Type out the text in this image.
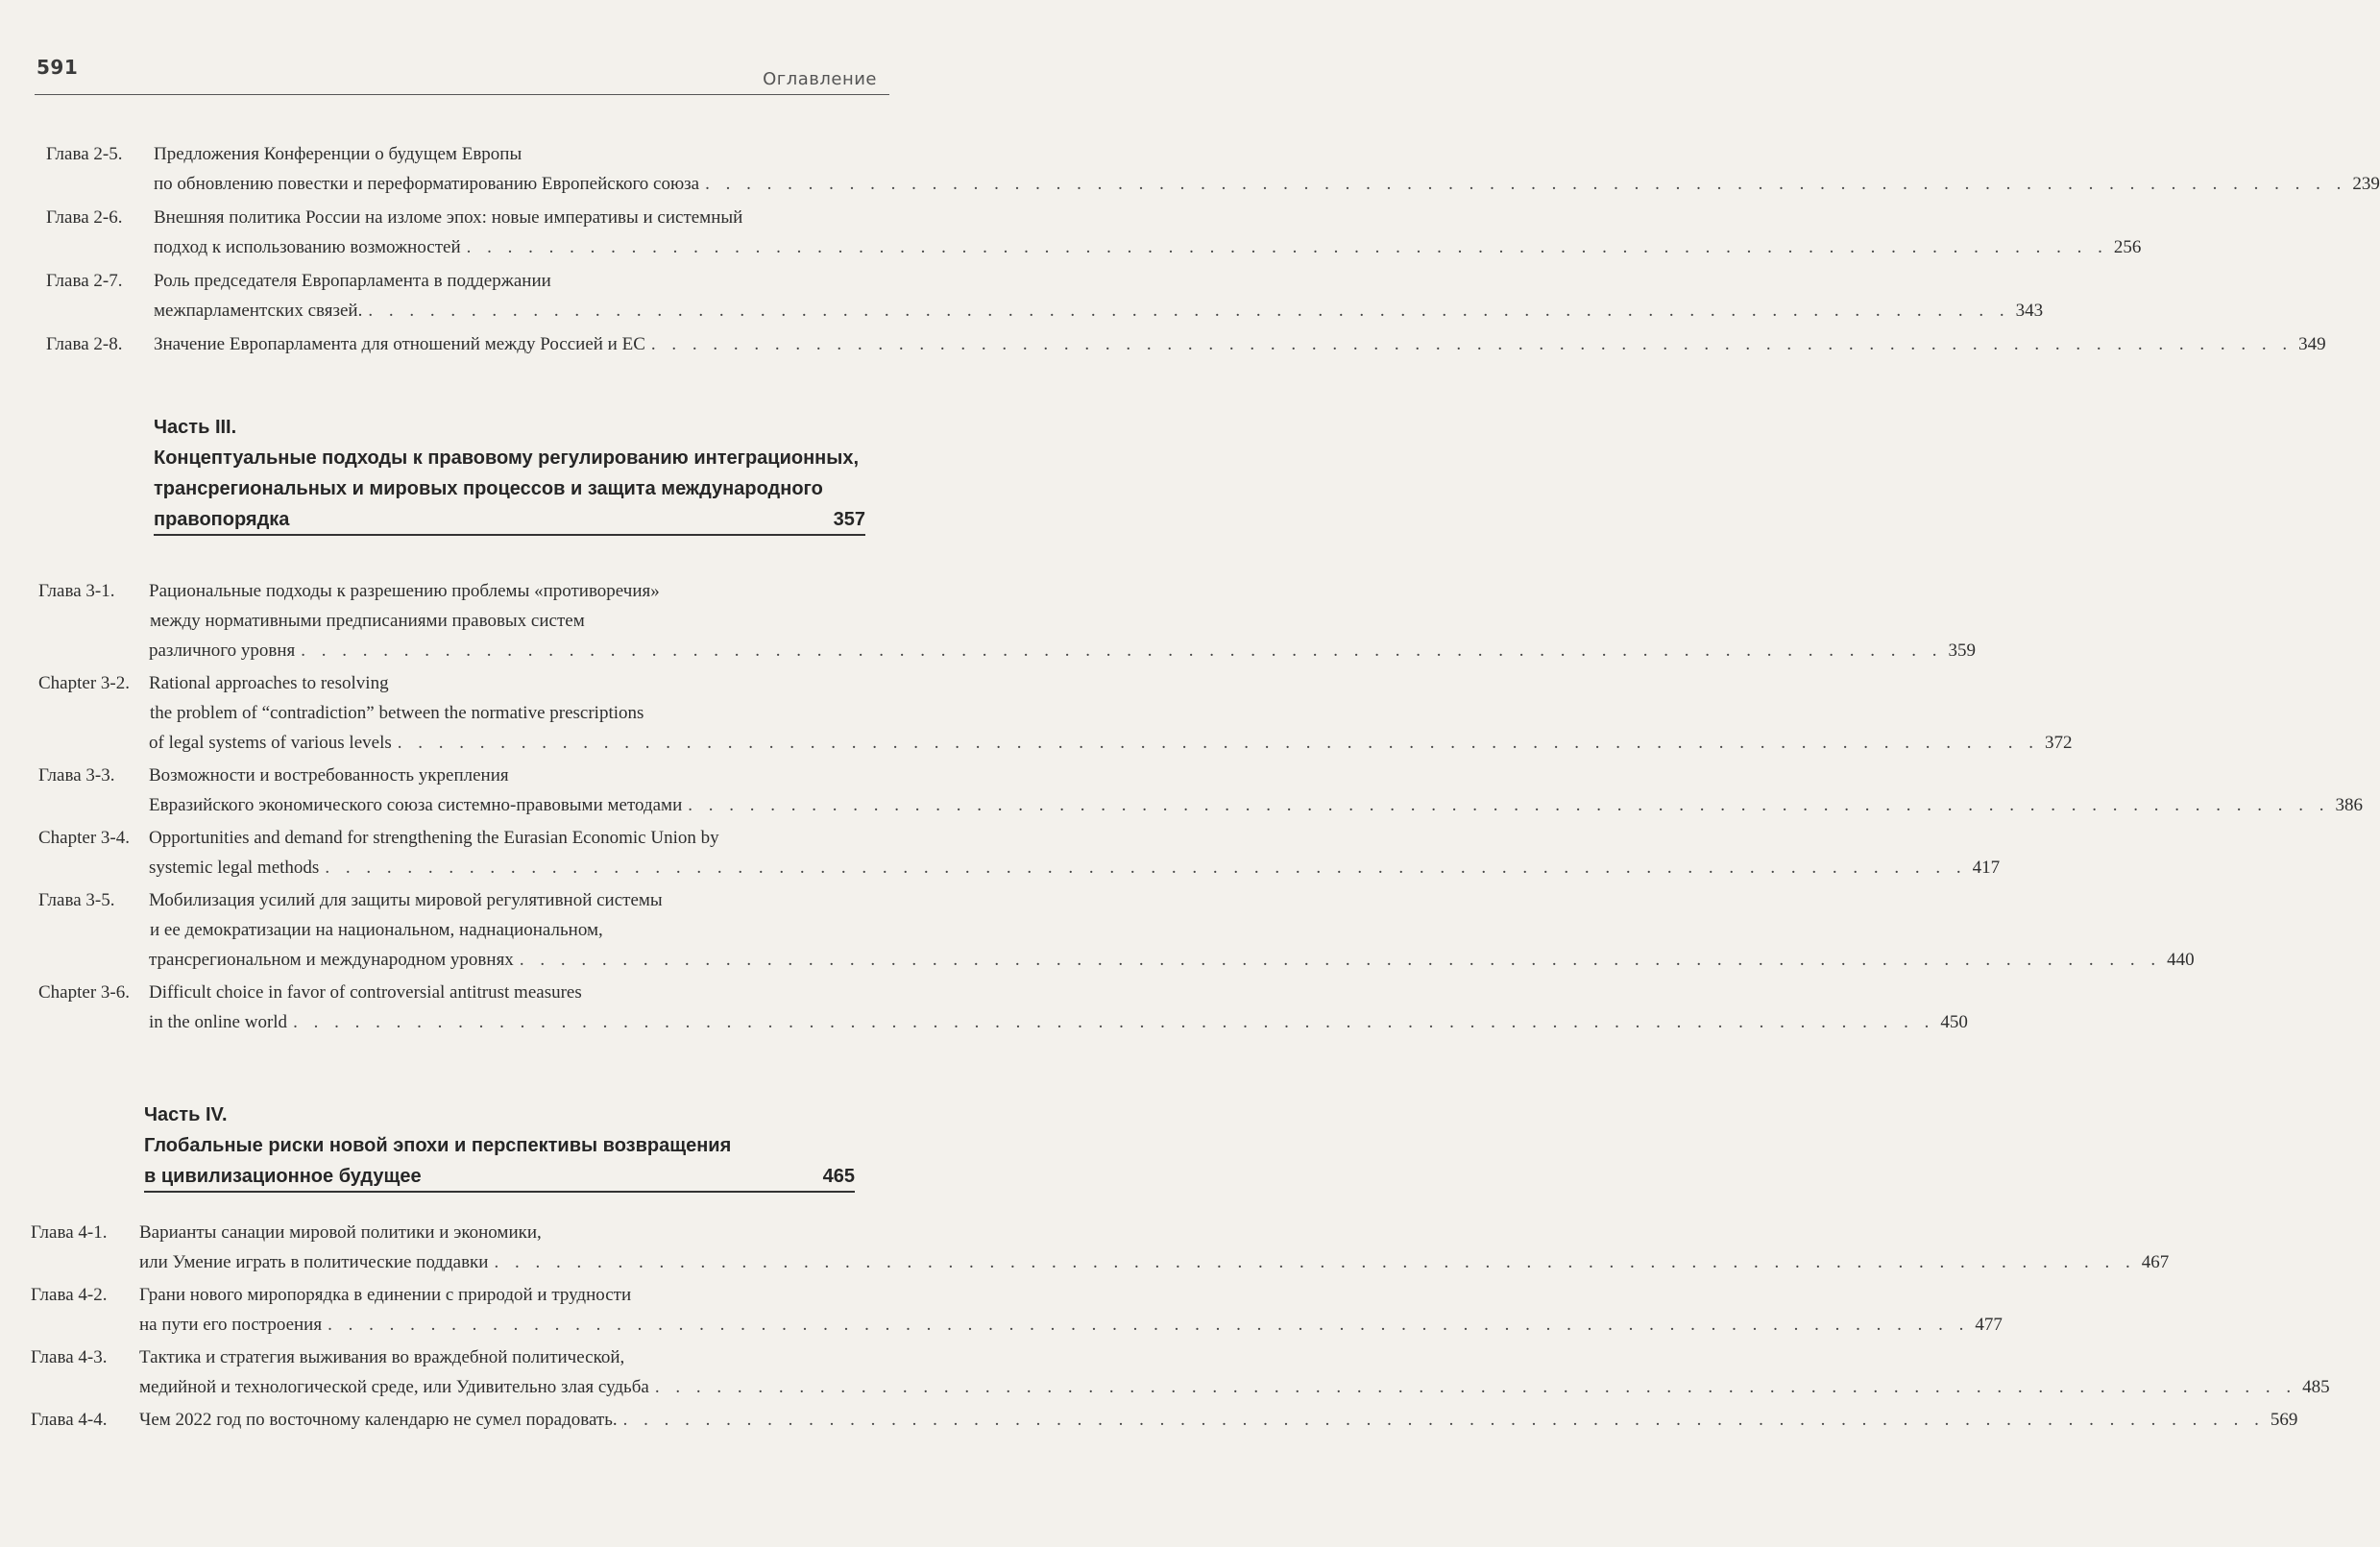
591
Оглавление
Глава 2-5. Предложения Конференции о будущем Европы
по обновлению повестки и переформатированию Европейского союза . . . . . . . . . . . . . . . . . . . . . . . . . . . . . . . . . . . . . . . . . . . . . . . . . . . . . . . . . . . . . . . . . . . . . . . . . . . . . . . . 239
Глава 2-6. Внешняя политика России на изломе эпох: новые императивы и системный
подход к использованию возможностей . . . . . . . . . . . . . . . . . . . . . . . . . . . . . . . . . . . . . . . . . . . . . . . . . . . . . . . . . . . . . . . . . . . . . . . . . . . . . . . . 256
Глава 2-7. Роль председателя Европарламента в поддержании
межпарламентских связей. . . . . . . . . . . . . . . . . . . . . . . . . . . . . . . . . . . . . . . . . . . . . . . . . . . . . . . . . . . . . . . . . . . . . . . . . . . . . . . . . 343
Глава 2-8. Значение Европарламента для отношений между Россией и ЕС . . . . . . . . . . . . . . . . . . . . . . . . . . . . . . . . . . . . . . . . . . . . . . . . . . . . . . . . . . . . . . . . . . . . . . . . . . . . . . . . 349
Часть III.
Концептуальные подходы к правовому регулированию интеграционных,
трансрегиональных и мировых процессов и защита международного
правопорядка	357
Глава 3-1. Рациональные подходы к разрешению проблемы «противоречия»
между нормативными предписаниями правовых систем
различного уровня . . . . . . . . . . . . . . . . . . . . . . . . . . . . . . . . . . . . . . . . . . . . . . . . . . . . . . . . . . . . . . . . . . . . . . . . . . . . . . . . 359
Chapter 3-2. Rational approaches to resolving
the problem of “contradiction” between the normative prescriptions
of legal systems of various levels . . . . . . . . . . . . . . . . . . . . . . . . . . . . . . . . . . . . . . . . . . . . . . . . . . . . . . . . . . . . . . . . . . . . . . . . . . . . . . . . 372
Глава 3-3. Возможности и востребованность укрепления
Евразийского экономического союза системно-правовыми методами . . . . . . . . . . . . . . . . . . . . . . . . . . . . . . . . . . . . . . . . . . . . . . . . . . . . . . . . . . . . . . . . . . . . . . . . . . . . . . . . 386
Chapter 3-4. Opportunities and demand for strengthening the Eurasian Economic Union by
systemic legal methods . . . . . . . . . . . . . . . . . . . . . . . . . . . . . . . . . . . . . . . . . . . . . . . . . . . . . . . . . . . . . . . . . . . . . . . . . . . . . . . . 417
Глава 3-5. Мобилизация усилий для защиты мировой регулятивной системы
и ее демократизации на национальном, наднациональном,
трансрегиональном и международном уровнях . . . . . . . . . . . . . . . . . . . . . . . . . . . . . . . . . . . . . . . . . . . . . . . . . . . . . . . . . . . . . . . . . . . . . . . . . . . . . . . . 440
Chapter 3-6. Difficult choice in favor of controversial antitrust measures
in the online world . . . . . . . . . . . . . . . . . . . . . . . . . . . . . . . . . . . . . . . . . . . . . . . . . . . . . . . . . . . . . . . . . . . . . . . . . . . . . . . . 450
Часть IV.
Глобальные риски новой эпохи и перспективы возвращения
в цивилизационное будущее	465
Глава 4-1. Варианты санации мировой политики и экономики,
или Умение играть в политические поддавки . . . . . . . . . . . . . . . . . . . . . . . . . . . . . . . . . . . . . . . . . . . . . . . . . . . . . . . . . . . . . . . . . . . . . . . . . . . . . . . . 467
Глава 4-2. Грани нового миропорядка в единении с природой и трудности
на пути его построения . . . . . . . . . . . . . . . . . . . . . . . . . . . . . . . . . . . . . . . . . . . . . . . . . . . . . . . . . . . . . . . . . . . . . . . . . . . . . . . . 477
Глава 4-3. Тактика и стратегия выживания во враждебной политической,
медийной и технологической среде, или Удивительно злая судьба . . . . . . . . . . . . . . . . . . . . . . . . . . . . . . . . . . . . . . . . . . . . . . . . . . . . . . . . . . . . . . . . . . . . . . . . . . . . . . . . 485
Глава 4-4. Чем 2022 год по восточному календарю не сумел порадовать. . . . . . . . . . . . . . . . . . . . . . . . . . . . . . . . . . . . . . . . . . . . . . . . . . . . . . . . . . . . . . . . . . . . . . . . . . . . . . . . . 569
